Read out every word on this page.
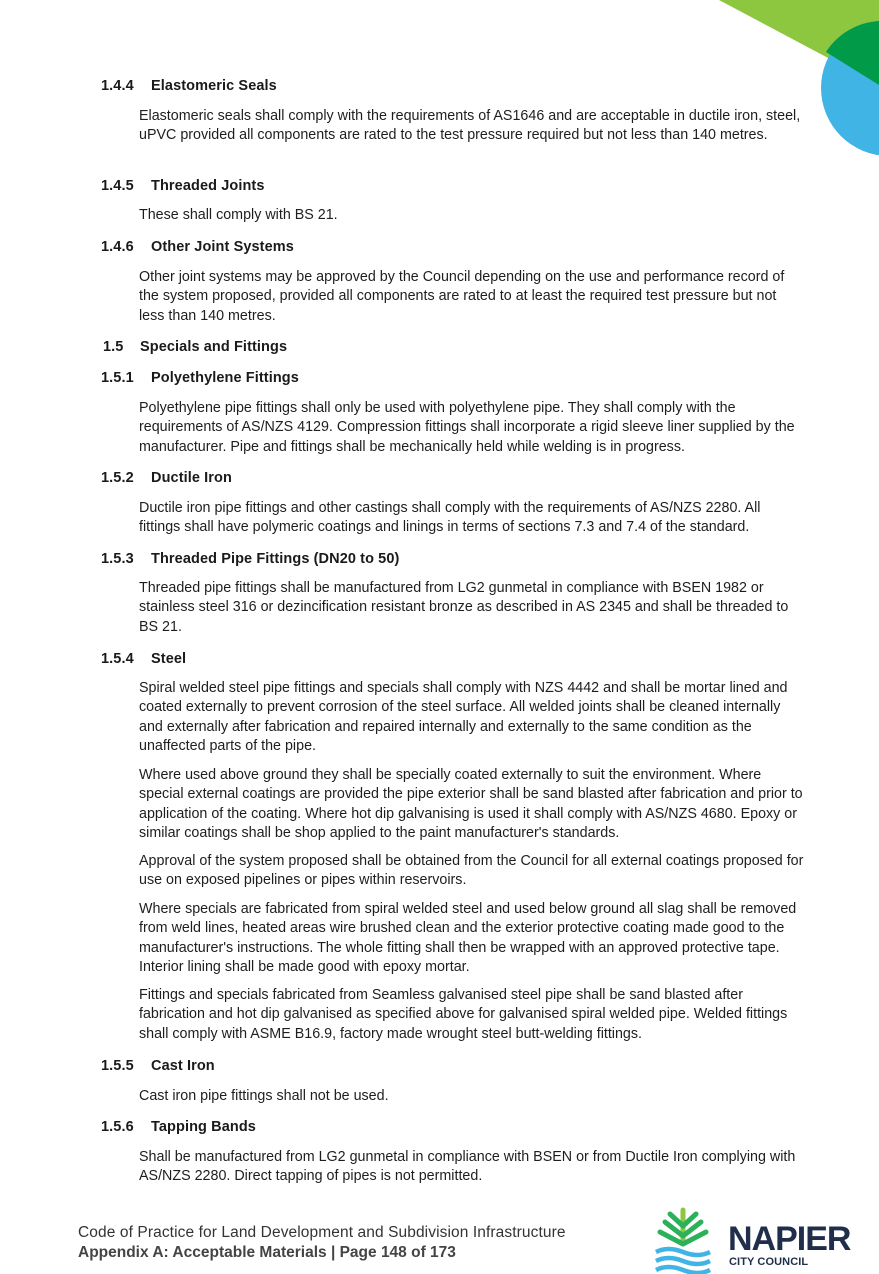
1.4.4 Elastomeric Seals
Elastomeric seals shall comply with the requirements of AS1646 and are acceptable in ductile iron, steel, uPVC provided all components are rated to the test pressure required but not less than 140 metres.
1.4.5 Threaded Joints
These shall comply with BS 21.
1.4.6 Other Joint Systems
Other joint systems may be approved by the Council depending on the use and performance record of the system proposed, provided all components are rated to at least the required test pressure but not less than 140 metres.
1.5 Specials and Fittings
1.5.1 Polyethylene Fittings
Polyethylene pipe fittings shall only be used with polyethylene pipe. They shall comply with the requirements of AS/NZS 4129. Compression fittings shall incorporate a rigid sleeve liner supplied by the manufacturer. Pipe and fittings shall be mechanically held while welding is in progress.
1.5.2 Ductile Iron
Ductile iron pipe fittings and other castings shall comply with the requirements of AS/NZS 2280. All fittings shall have polymeric coatings and linings in terms of sections 7.3 and 7.4 of the standard.
1.5.3 Threaded Pipe Fittings (DN20 to 50)
Threaded pipe fittings shall be manufactured from LG2 gunmetal in compliance with BSEN 1982 or stainless steel 316 or dezincification resistant bronze as described in AS 2345 and shall be threaded to BS 21.
1.5.4 Steel
Spiral welded steel pipe fittings and specials shall comply with NZS 4442 and shall be mortar lined and coated externally to prevent corrosion of the steel surface. All welded joints shall be cleaned internally and externally after fabrication and repaired internally and externally to the same condition as the unaffected parts of the pipe.
Where used above ground they shall be specially coated externally to suit the environment. Where special external coatings are provided the pipe exterior shall be sand blasted after fabrication and prior to application of the coating. Where hot dip galvanising is used it shall comply with AS/NZS 4680. Epoxy or similar coatings shall be shop applied to the paint manufacturer's standards.
Approval of the system proposed shall be obtained from the Council for all external coatings proposed for use on exposed pipelines or pipes within reservoirs.
Where specials are fabricated from spiral welded steel and used below ground all slag shall be removed from weld lines, heated areas wire brushed clean and the exterior protective coating made good to the manufacturer's instructions. The whole fitting shall then be wrapped with an approved protective tape. Interior lining shall be made good with epoxy mortar.
Fittings and specials fabricated from Seamless galvanised steel pipe shall be sand blasted after fabrication and hot dip galvanised as specified above for galvanised spiral welded pipe. Welded fittings shall comply with ASME B16.9, factory made wrought steel butt-welding fittings.
1.5.5 Cast Iron
Cast iron pipe fittings shall not be used.
1.5.6 Tapping Bands
Shall be manufactured from LG2 gunmetal in compliance with BSEN or from Ductile Iron complying with AS/NZS 2280. Direct tapping of pipes is not permitted.
Code of Practice for Land Development and Subdivision Infrastructure
Appendix A: Acceptable Materials | Page 148 of 173	NAPIER
CITY COUNCIL
